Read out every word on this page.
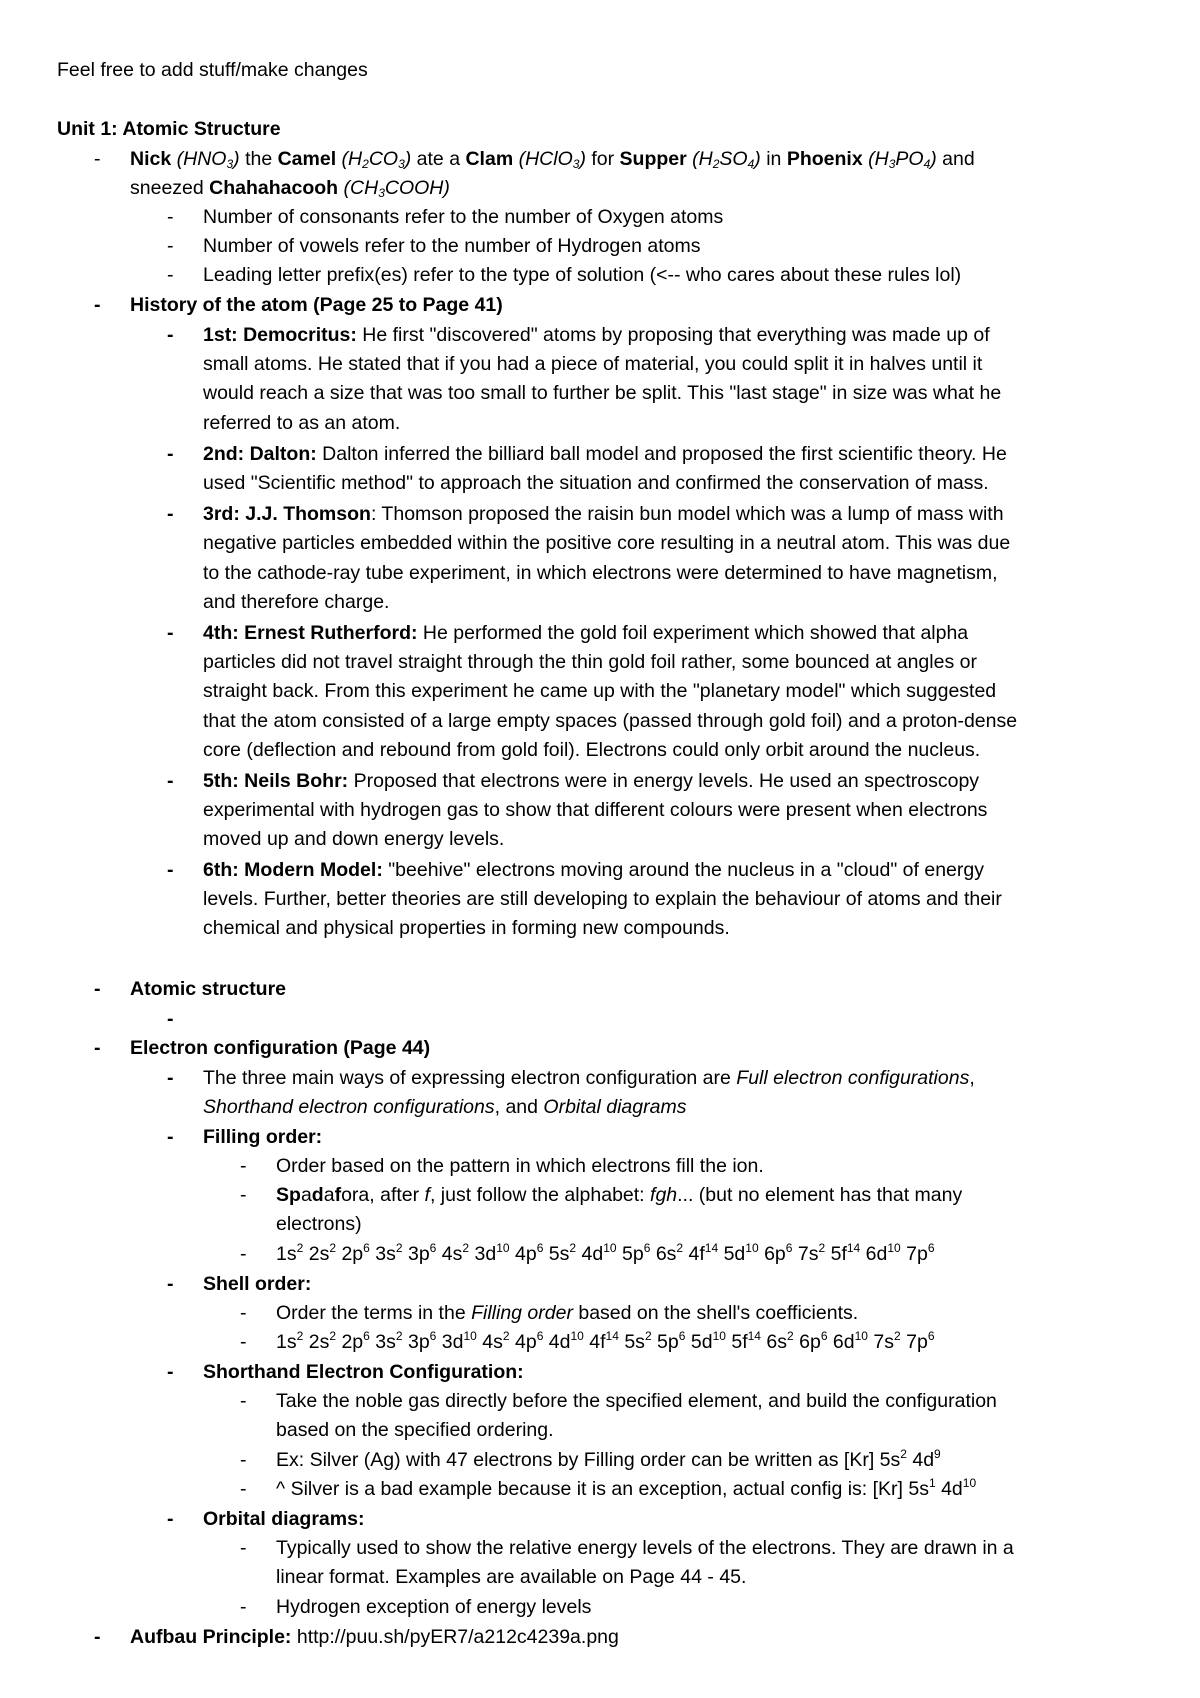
Feel free to add stuff/make changes
Unit 1: Atomic Structure
- Nick $(HNO_3)$ the Camel $(H_2CO_3)$ ate a Clam (HClO$_3$) for Supper $(H_2SO_4)$ in Phoenix $(H_3PO_4)$ and
sneezed Chahahacooh $(CH_3COOH)$
- Number of consonants refer to the number of Oxygen atoms
- Number of vowels refer to the number of Hydrogen atoms
- Leading letter prefix(es) refer to the type of solution (<-- who cares about these rules lol)
- History of the atom (Page 25 to Page 41)
- 1st: Democritus: He first "discovered" atoms by proposing that everything was made up of
small atoms. He stated that if you had a piece of material, you could split it in halves until it
would reach a size that was too small to further be split. This "last stage" in size was what he
referred to as an atom.
- 2nd: Dalton: Dalton inferred the billiard ball model and proposed the first scientific theory. He
used "Scientific method" to approach the situation and confirmed the conservation of mass.
- 3rd: J.J. Thomson: Thomson proposed the raisin bun model which was a lump of mass with
negative particles embedded within the positive core resulting in a neutral atom. This was due
to the cathode-ray tube experiment, in which electrons were determined to have magnetism,
and therefore charge.
- 4th: Ernest Rutherford: He performed the gold foil experiment which showed that alpha
particles did not travel straight through the thin gold foil rather, some bounced at angles or
straight back. From this experiment he came up with the "planetary model" which suggested
that the atom consisted of a large empty spaces (passed through gold foil) and a proton-dense
core (deflection and rebound from gold foil). Electrons could only orbit around the nucleus.
- 5th: Neils Bohr: Proposed that electrons were in energy levels. He used an spectroscopy
experimental with hydrogen gas to show that different colours were present when electrons
moved up and down energy levels.
- 6th: Modern Model: "beehive" electrons moving around the nucleus in a "cloud" of energy
levels. Further, better theories are still developing to explain the behaviour of atoms and their
chemical and physical properties in forming new compounds.
- Atomic structure
-
- Electron configuration (Page 44)
- The three main ways of expressing electron configuration are Full electron configurations,
Shorthand electron configurations, and Orbital diagrams
- Filling order:
- Order based on the pattern in which electrons fill the ion.
- Spadafora, after f, just follow the alphabet: fgh... (but no element has that many
electrons)
- $1s^2$ $2s^2$ $2p^6$ $3s^2$ $3p^6$ $4s^2$ $3d^{10}$ $4p^6$ $5s^2$ $4d^{10}$ $5p^6$ $6s^2$ $4f^{14}$ $5d^{10}$ $6p^6$ $7s^2$ $5f^{14}$ $6d^{10}$ $7p^6$
- Shell order:
- Order the terms in the Filling order based on the shell's coefficients.
- $1s^2$ $2s^2$ $2p^6$ $3s^2$ $3p^6$ $3d^{10}$ $4s^2$ $4p^6$ $4d^{10}$ $4f^{14}$ $5s^2$ $5p^6$ $5d^{10}$ $5f^{14}$ $6s^2$ $6p^6$ $6d^{10}$ $7s^2$ $7p^6$
- Shorthand Electron Configuration:
- Take the noble gas directly before the specified element, and build the configuration
based on the specified ordering.
- Ex: Silver (Ag) with 47 electrons by Filling order can be written as [Kr] $5s^2$ $4d^9$
- ^ Silver is a bad example because it is an exception, actual config is: [Kr] $5s^1$ $4d^{10}$
- Orbital diagrams:
- Typically used to show the relative energy levels of the electrons. They are drawn in a
linear format. Examples are available on Page 44 - 45.
- Hydrogen exception of energy levels
- Aufbau Principle: http://puu.sh/pyER7/a212c4239a.png
